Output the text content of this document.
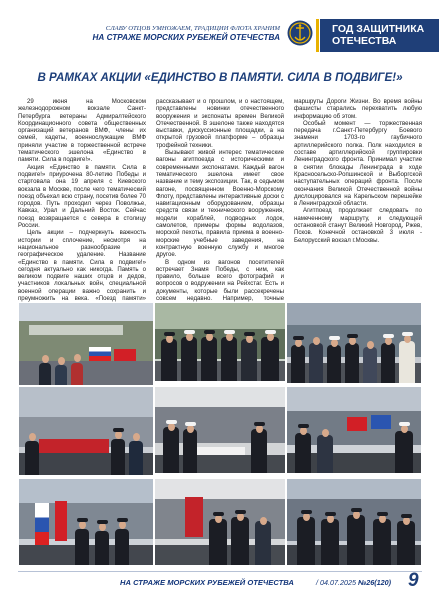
СЛАВУ ОТЦОВ УМНОЖАЕМ, ТРАДИЦИИ ФЛОТА ХРАНИМ
НА СТРАЖЕ МОРСКИХ РУБЕЖЕЙ ОТЕЧЕСТВА
ГОД ЗАЩИТНИКА
ОТЕЧЕСТВА
В РАМКАХ АКЦИИ «ЕДИНСТВО В ПАМЯТИ. СИЛА В ПОДВИГЕ!»

29 июня на Московском железнодорожном вокзале Санкт-Петербурга ветераны Адмиралтейского Координационного совета общественных организаций ветеранов ВМФ, члены их семей, кадеты, военнослужащие ВМФ приняли участие в торжественной встрече тематического эшелона «Единство в памяти. Сила в подвиге!».

Акция «Единство в памяти. Сила в подвиге!» приурочена 80-летию Победы и стартовала она 19 апреля с Киевского вокзала в Москве, после чего тематический поезд объехал всю страну, посетив более 70 городов. Путь проходил через Поволжье, Кавказ, Урал и Дальний Восток. Сейчас поезд возвращается с севера в столицу России.

Цель акции – подчеркнуть важность истории и сплочение, несмотря на национальное разнообразие и географическое удаление. Название «Единство в памяти. Сила в подвиге!» сегодня актуально как никогда. Память о великом подвиге наших отцов и дедов, участников локальных войн, специальной военной операции важно сохранить и преумножить на века. «Поезд памяти» рассказывает и о прошлом, и о настоящем, представлены новинки отечественного вооружения и экспонаты времен Великой Отечественной. В эшелоне также находятся выставки, дискуссионные площадки, а на открытой грузовой платформе – образцы трофейной техники.

Вызывают живой интерес тематические вагоны агитпоезда с историческими и современными экспонатами. Каждый вагон тематического эшелона имеет свое название и тему экспозиции. Так, в седьмом вагоне, посвященном Военно-Морскому Флоту, представлены интерактивные доски с навигационным оборудованием, образцы средств связи и технического вооружения, модели кораблей, подводных лодок, самолетов, примеры формы водолазов, морской пехоты, правила приема в военно-морские учебные заведения, на контрактную военную службу и многое другое.

В одном из вагонов посетителей встречает Знамя Победы, с ним, как правило, больше всего фотографий и вопросов о водружении на Рейхстаг. Есть и документы, которые были рассекречены совсем недавно. Например, точные маршруты Дороги Жизни. Во время войны фашисты старались перехватить любую информацию об этом.

Особый момент — торжественная передача г.Санкт-Петербургу Боевого знамени 1703-го гаубичного артиллерийского полка. Полк находился в составе артиллерийской группировки Ленинградского фронта. Принимал участие в снятии блокады Ленинграда в ходе Красносельско-Ропшинской и Выборгской наступательных операций фронта. После окончания Великой Отечественной войны дислоцировался на Карельском перешейке в Ленинградской области.

Агитпоезд продолжает следовать по намеченному маршруту, и следующей остановкой станут Великий Новгород, Ржев, Псков. Конечной остановкой 3 июля - Белорусский вокзал г.Москвы.

НА СТРАЖЕ МОРСКИХ РУБЕЖЕЙ ОТЕЧЕСТВА	/ 04.07.2025 -
№26(120) 9
